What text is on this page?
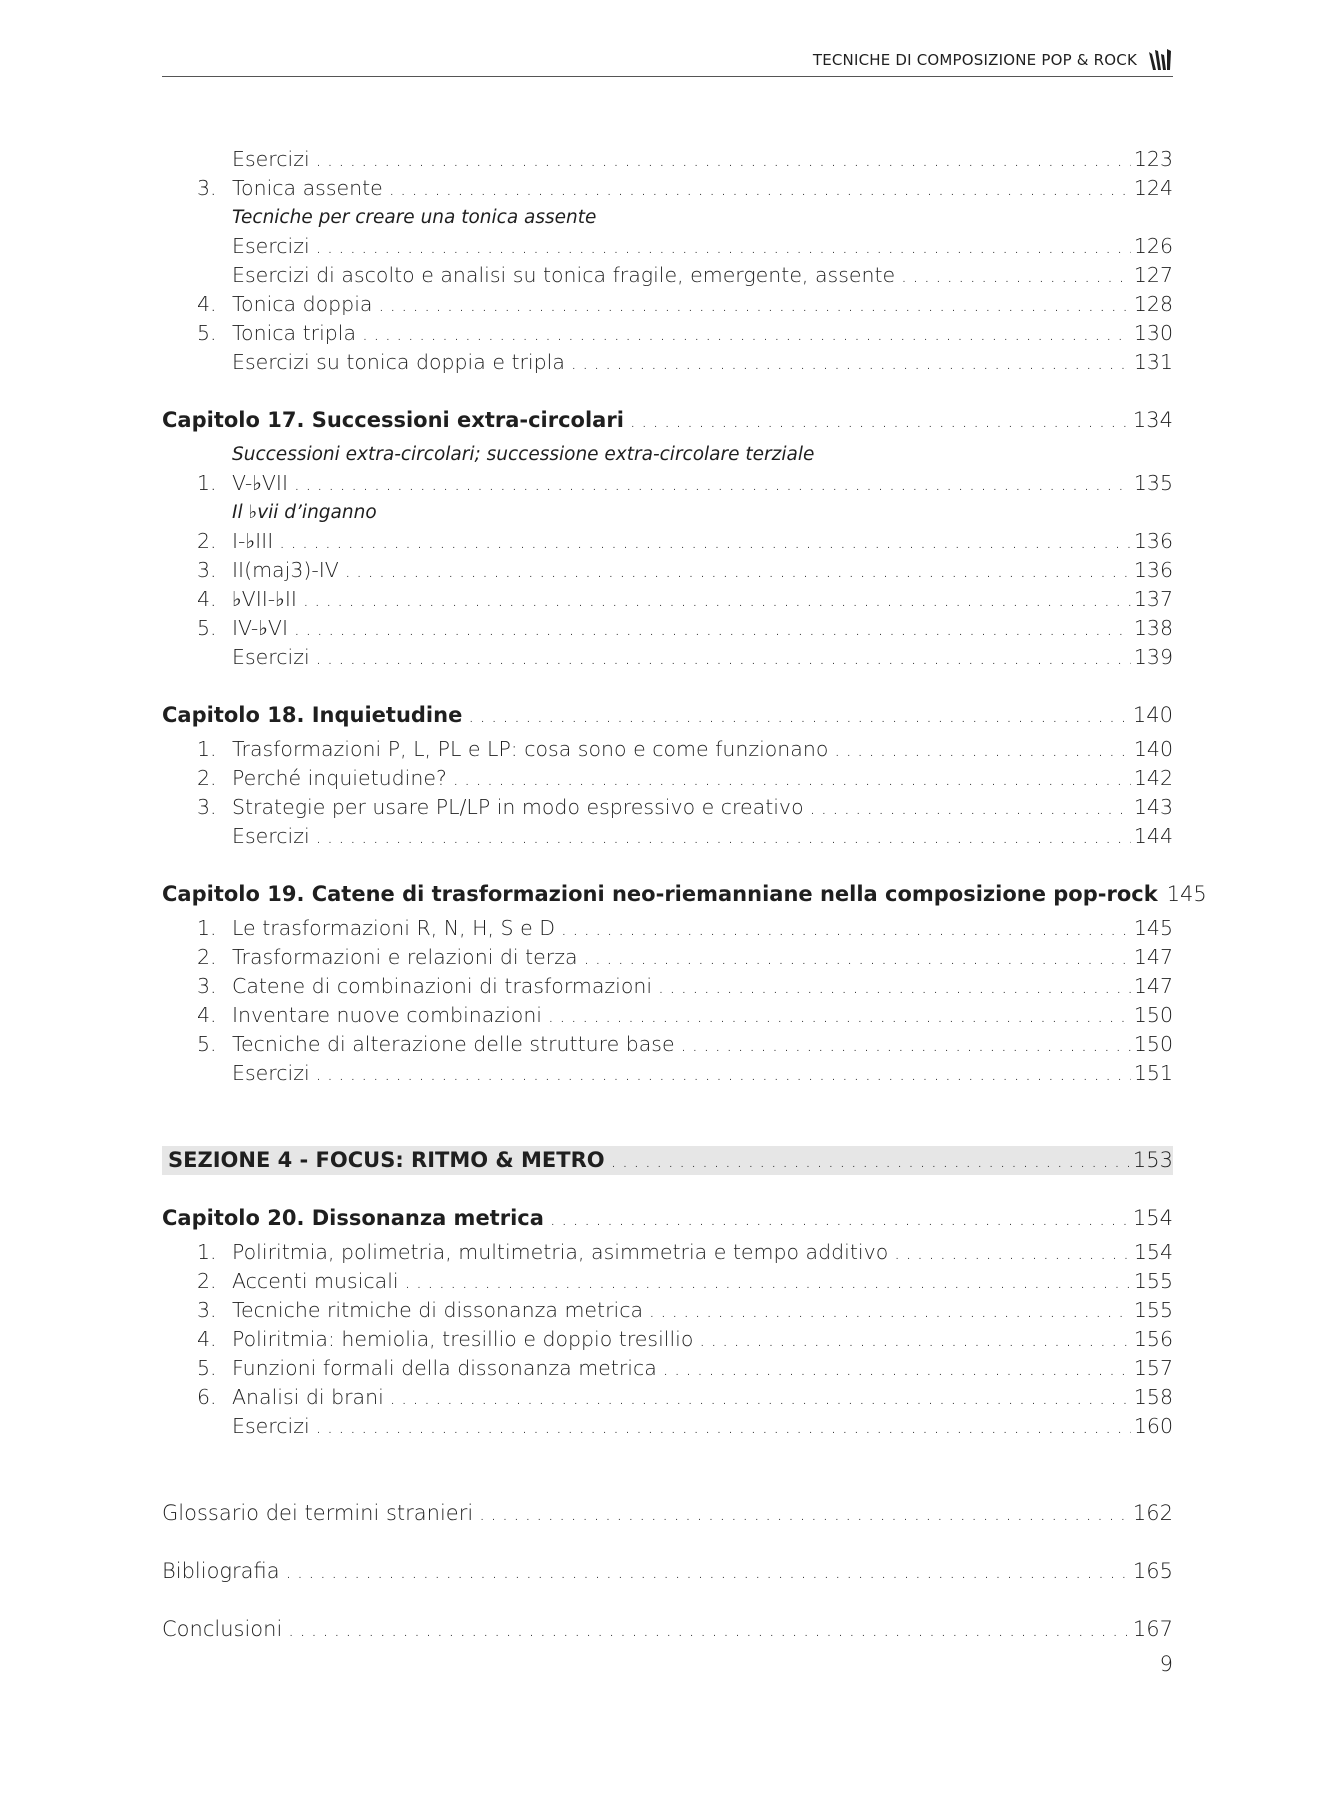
TECNICHE DI COMPOSIZIONE POP & ROCK
Esercizi . . .	123
3. Tonica assente . . .	124
Tecniche per creare una tonica assente
Esercizi . . .	126
Esercizi di ascolto e analisi su tonica fragile, emergente, assente . . .	127
4. Tonica doppia . . .	128
5. Tonica tripla . . .	130
Esercizi su tonica doppia e tripla . . .	131
Capitolo 17. Successioni extra-circolari . . .	134
Successioni extra-circolari; successione extra-circolare terziale
1. V-♭VII . . .	135
Il ♭vii d’inganno
2. I-♭III . . .	136
3. II(maj3)-IV . . .	136
4. ♭VII-♭II . . .	137
5. IV-♭VI . . .	138
Esercizi . . .	139
Capitolo 18. Inquietudine . . .	140
1. Trasformazioni P, L, PL e LP: cosa sono e come funzionano . . .	140
2. Perché inquietudine? . . .	142
3. Strategie per usare PL/LP in modo espressivo e creativo . . .	143
Esercizi . . .	144
Capitolo 19. Catene di trasformazioni neo-riemanniane nella composizione pop-rock 145
1. Le trasformazioni R, N, H, S e D . . .	145
2. Trasformazioni e relazioni di terza . . .	147
3. Catene di combinazioni di trasformazioni . . .	147
4. Inventare nuove combinazioni . . .	150
5. Tecniche di alterazione delle strutture base . . .	150
Esercizi . . .	151
SEZIONE 4 - FOCUS: RITMO & METRO . . .	153
Capitolo 20. Dissonanza metrica . . .	154
1. Poliritmia, polimetria, multimetria, asimmetria e tempo additivo . . .	154
2. Accenti musicali . . .	155
3. Tecniche ritmiche di dissonanza metrica . . .	155
4. Poliritmia: hemiolia, tresillio e doppio tresillio . . .	156
5. Funzioni formali della dissonanza metrica . . .	157
6. Analisi di brani . . .	158
Esercizi . . .	160
Glossario dei termini stranieri . . .	162
Bibliografia . . .	165
Conclusioni . . .	167
9
